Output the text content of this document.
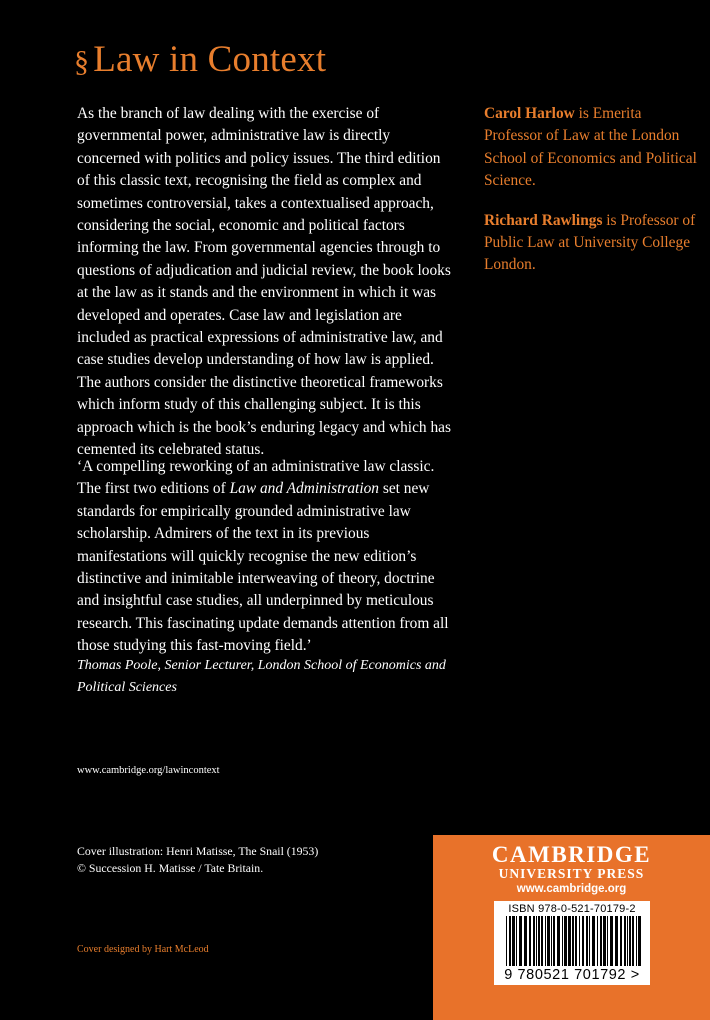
§ Law in Context

As the branch of law dealing with the exercise of governmental power, administrative law is directly concerned with politics and policy issues. The third edition of this classic text, recognising the field as complex and sometimes controversial, takes a contextualised approach, considering the social, economic and political factors informing the law. From governmental agencies through to questions of adjudication and judicial review, the book looks at the law as it stands and the environment in which it was developed and operates. Case law and legislation are included as practical expressions of administrative law, and case studies develop understanding of how law is applied. The authors consider the distinctive theoretical frameworks which inform study of this challenging subject. It is this approach which is the book’s enduring legacy and which has cemented its celebrated status.

‘A compelling reworking of an administrative law classic. The first two editions of Law and Administration set new standards for empirically grounded administrative law scholarship. Admirers of the text in its previous manifestations will quickly recognise the new edition’s distinctive and inimitable interweaving of theory, doctrine and insightful case studies, all underpinned by meticulous research. This fascinating update demands attention from all those studying this fast-moving field.’

Thomas Poole, Senior Lecturer, London School of Economics and Political Sciences

Carol Harlow is Emerita Professor of Law at the London School of Economics and Political Science.

Richard Rawlings is Professor of Public Law at University College London.

www.cambridge.org/lawincontext

Cover illustration: Henri Matisse, The Snail (1953)
© Succession H. Matisse / Tate Britain.

Cover designed by Hart McLeod

CAMBRIDGE

UNIVERSITY PRESS

www.cambridge.org

ISBN 978-0-521-70179-2
9 780521 701792 >
